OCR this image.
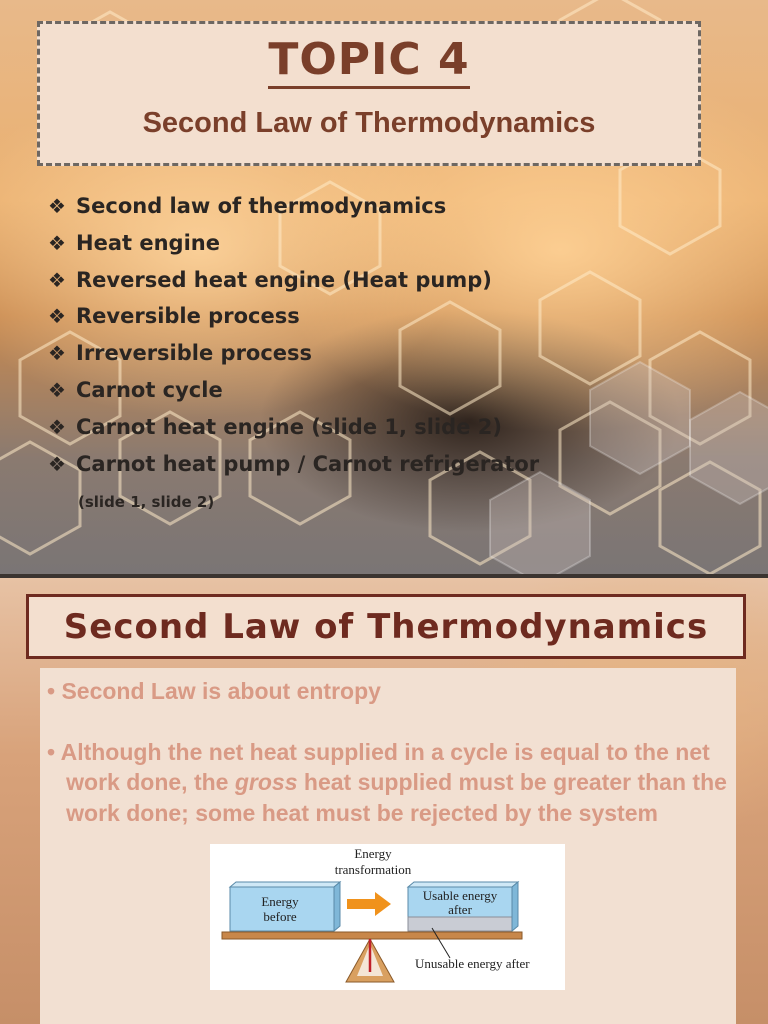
TOPIC 4
Second Law of Thermodynamics
❖ Second law of thermodynamics
❖ Heat engine
❖ Reversed heat engine (Heat pump)
❖ Reversible process
❖ Irreversible process
❖ Carnot cycle
❖ Carnot heat engine (slide 1, slide 2)
❖ Carnot heat pump / Carnot refrigerator
(slide 1, slide 2)
Second Law of Thermodynamics

• Second Law is about entropy

• Although the net heat supplied in a cycle is equal to the net

work done, the gross heat supplied must be greater than the

work done; some heat must be rejected by the system

Energy
transformation
Energy
before
Usable energy
after
Unusable energy after
